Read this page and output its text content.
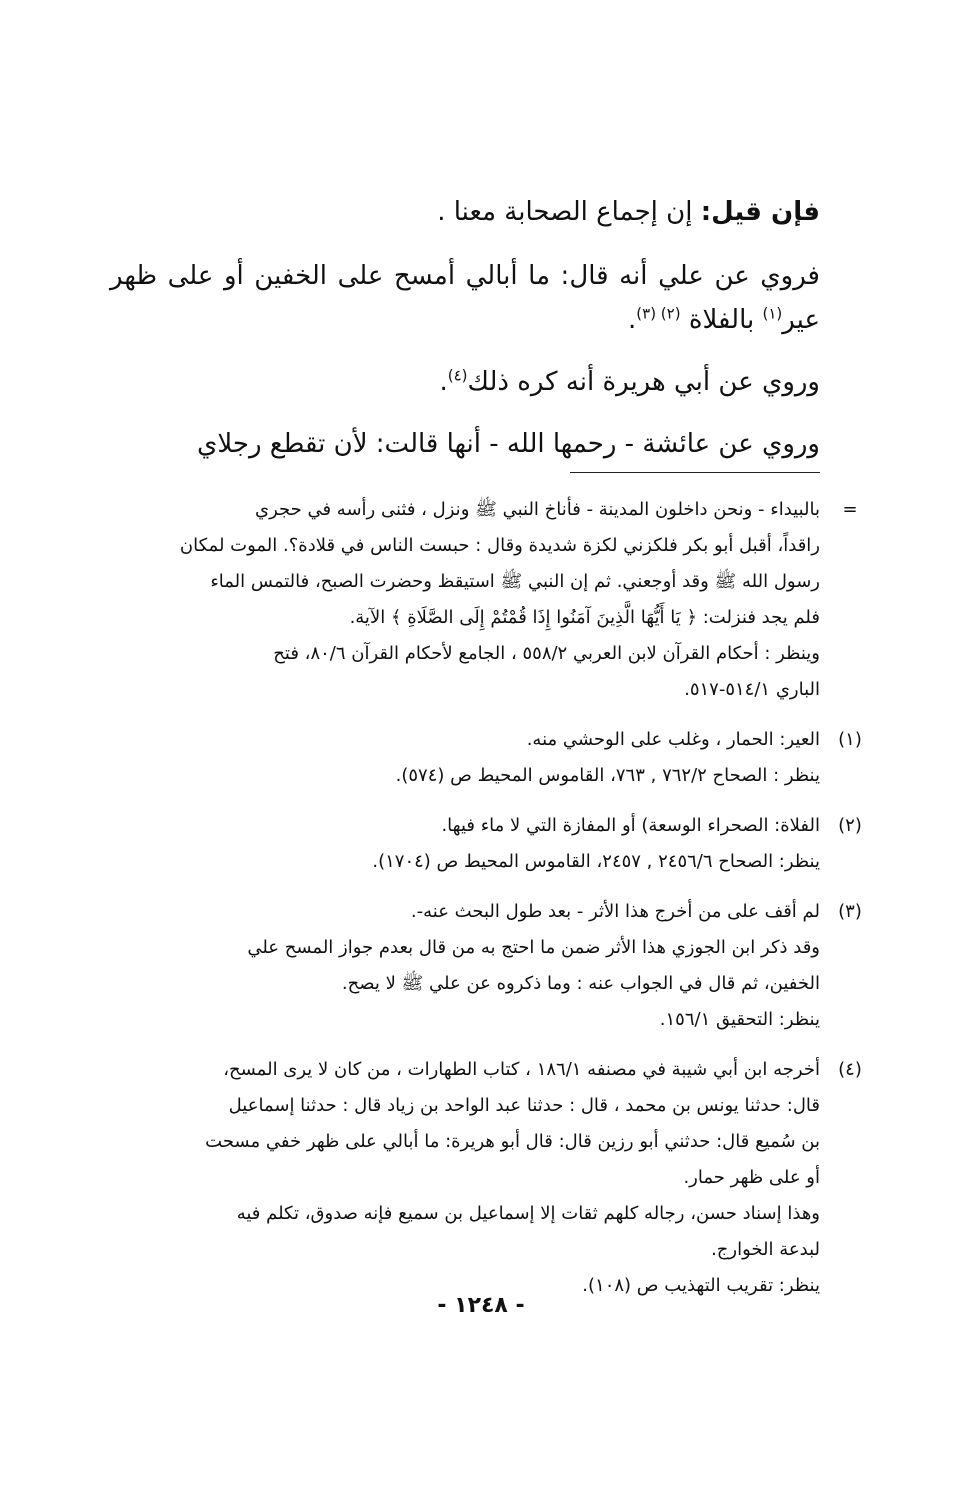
فإن قيل: إن إجماع الصحابة معنا .

فروي عن علي أنه قال: ما أبالي أمسح على الخفين أو على ظهر عير$^{(١)}$ بالفلاة $^{(٢) (٣)}$.

وروي عن أبي هريرة أنه كره ذلك$^{(٤)}$.

وروي عن عائشة - رحمها الله - أنها قالت: لأن تقطع رجلاي

=
بالبيداء - ونحن داخلون المدينة - فأناخ النبي ﷺ ونزل ، فثنى رأسه في حجري
راقداً، أقبل أبو بكر فلكزني لكزة شديدة وقال : حبست الناس في قلادة؟. الموت لمكان
رسول الله ﷺ وقد أوجعني. ثم إن النبي ﷺ استيقظ وحضرت الصبح، فالتمس الماء
فلم يجد فنزلت: ﴿ يَا أَيُّهَا الَّذِينَ آمَنُوا إِذَا قُمْتُمْ إِلَى الصَّلَاةِ ﴾ الآية.
وينظر : أحكام القرآن لابن العربي ٥٥٨/٢ ، الجامع لأحكام القرآن ٨٠/٦، فتح
الباري ٥١٤/١-٥١٧.
(١)
العير: الحمار ، وغلب على الوحشي منه.
ينظر : الصحاح ٧٦٢/٢ , ٧٦٣، القاموس المحيط ص (٥٧٤).
(٢)
الفلاة: الصحراء الوسعة) أو المفازة التي لا ماء فيها.
ينظر: الصحاح ٢٤٥٦/٦ , ٢٤٥٧، القاموس المحيط ص (١٧٠٤).
(٣)
لم أقف على من أخرج هذا الأثر - بعد طول البحث عنه-.
وقد ذكر ابن الجوزي هذا الأثر ضمن ما احتج به من قال بعدم جواز المسح علي
الخفين، ثم قال في الجواب عنه : وما ذكروه عن علي ﷺ لا يصح.
ينظر: التحقيق ١٥٦/١.
(٤)
أخرجه ابن أبي شيبة في مصنفه ١٨٦/١ ، كتاب الطهارات ، من كان لا يرى المسح،
قال: حدثنا يونس بن محمد ، قال : حدثنا عبد الواحد بن زياد قال : حدثنا إسماعيل
بن سُميع قال: حدثني أبو رزين قال: قال أبو هريرة: ما أبالي على ظهر خفي مسحت
أو على ظهر حمار.
وهذا إسناد حسن، رجاله كلهم ثقات إلا إسماعيل بن سميع فإنه صدوق، تكلم فيه
لبدعة الخوارج.
ينظر: تقريب التهذيب ص (١٠٨).
- ١٢٤٨ -
